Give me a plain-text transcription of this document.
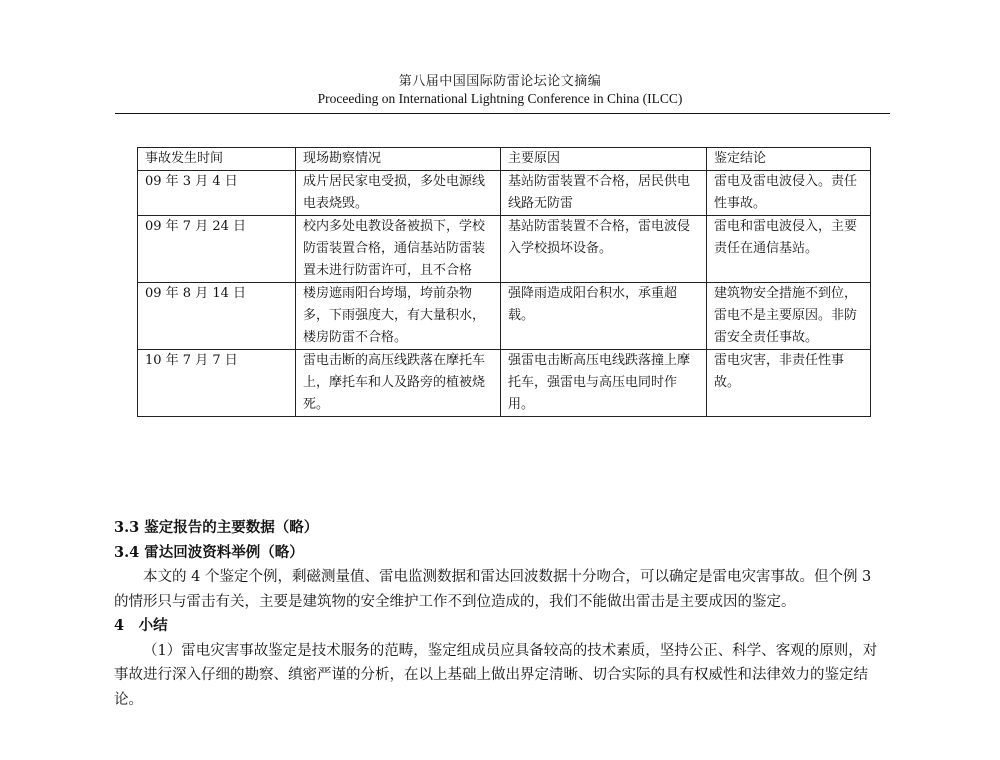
第八届中国国际防雷论坛论文摘编
Proceeding on International Lightning Conference in China (ILCC)
事故发生时间	现场勘察情况	主要原因	鉴定结论
09 年 3 月 4 日	成片居民家电受损，多处电源线电表烧毁。	基站防雷装置不合格，居民供电线路无防雷	雷电及雷电波侵入。责任性事故。
09 年 7 月 24 日	校内多处电教设备被损下，学校防雷装置合格，通信基站防雷装置未进行防雷许可，且不合格	基站防雷装置不合格，雷电波侵入学校损坏设备。	雷电和雷电波侵入，主要责任在通信基站。
09 年 8 月 14 日	楼房遮雨阳台垮塌，垮前杂物多，下雨强度大，有大量积水，楼房防雷不合格。	强降雨造成阳台积水，承重超载。	建筑物安全措施不到位，雷电不是主要原因。非防雷安全责任事故。
10 年 7 月 7 日	雷电击断的高压线跌落在摩托车上，摩托车和人及路旁的植被烧死。	强雷电击断高压电线跌落撞上摩托车，强雷电与高压电同时作用。	雷电灾害，非责任性事故。

3.3 鉴定报告的主要数据（略）

3.4 雷达回波资料举例（略）

本文的 4 个鉴定个例，剩磁测量值、雷电监测数据和雷达回波数据十分吻合，可以确定是雷电灾害事故。但个例 3 的情形只与雷击有关，主要是建筑物的安全维护工作不到位造成的，我们不能做出雷击是主要成因的鉴定。

4　小结

（1）雷电灾害事故鉴定是技术服务的范畴，鉴定组成员应具备较高的技术素质，坚持公正、科学、客观的原则，对事故进行深入仔细的勘察、缜密严谨的分析，在以上基础上做出界定清晰、切合实际的具有权威性和法律效力的鉴定结论。
